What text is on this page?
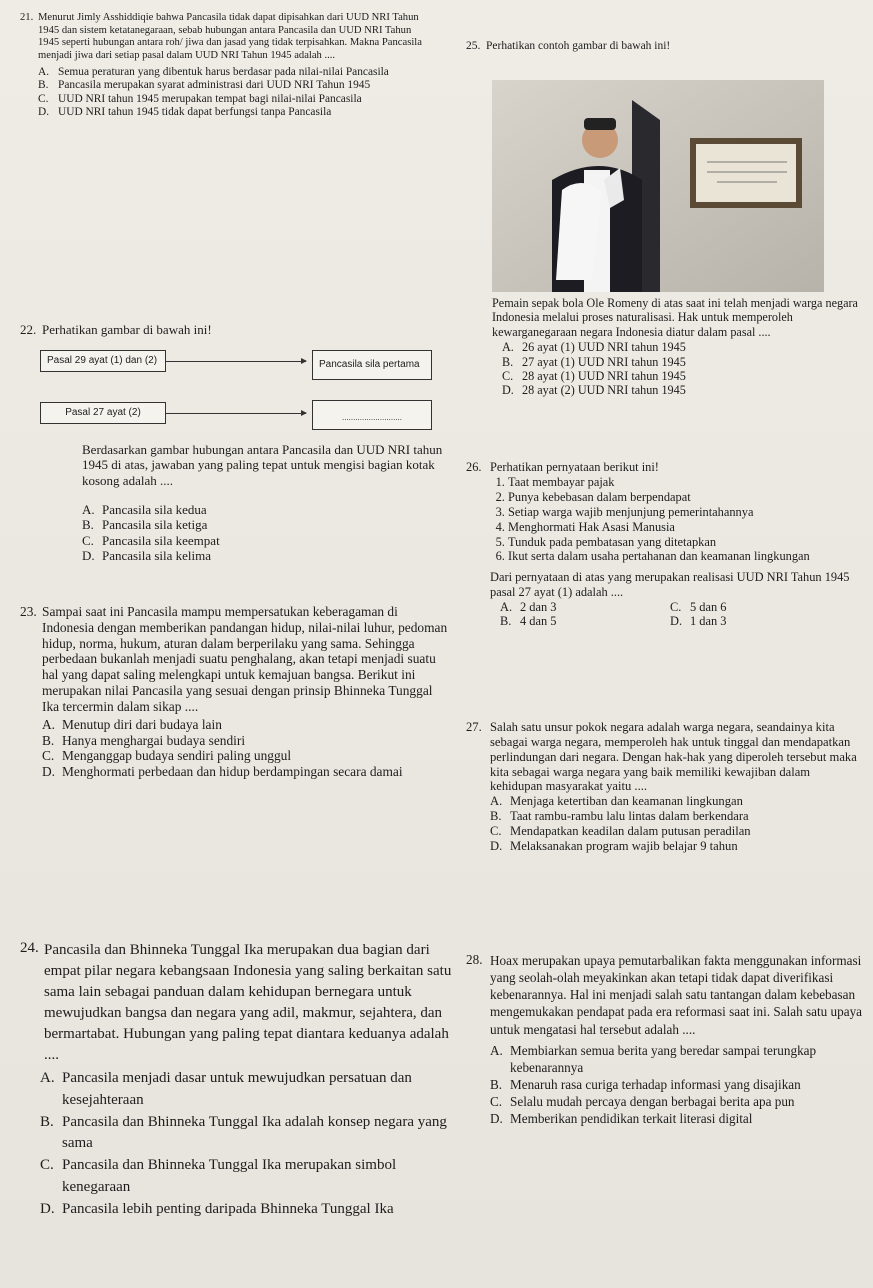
21. Menurut Jimly Asshiddiqie bahwa Pancasila tidak dapat dipisahkan dari UUD NRI Tahun 1945 dan sistem ketatanegaraan, sebab hubungan antara Pancasila dan UUD NRI Tahun 1945 seperti hubungan antara roh/ jiwa dan jasad yang tidak terpisahkan. Makna Pancasila menjadi jiwa dari setiap pasal dalam UUD NRI Tahun 1945 adalah ....
A. Semua peraturan yang dibentuk harus berdasar pada nilai-nilai Pancasila
B. Pancasila merupakan syarat administrasi dari UUD NRI Tahun 1945
C. UUD NRI tahun 1945 merupakan tempat bagi nilai-nilai Pancasila
D. UUD NRI tahun 1945 tidak dapat berfungsi tanpa Pancasila
22. Perhatikan gambar di bawah ini!
Pasal 29 ayat (1) dan (2)	Pancasila sila pertama
Pasal 27 ayat (2)	...........................
Berdasarkan gambar hubungan antara Pancasila dan UUD NRI tahun 1945 di atas, jawaban yang paling tepat untuk mengisi bagian kotak kosong adalah ....
A. Pancasila sila kedua
B. Pancasila sila ketiga
C. Pancasila sila keempat
D. Pancasila sila kelima
23. Sampai saat ini Pancasila mampu mempersatukan keberagaman di Indonesia dengan memberikan pandangan hidup, nilai-nilai luhur, pedoman hidup, norma, hukum, aturan dalam berperilaku yang sama. Sehingga perbedaan bukanlah menjadi suatu penghalang, akan tetapi menjadi suatu hal yang dapat saling melengkapi untuk kemajuan bangsa. Berikut ini merupakan nilai Pancasila yang sesuai dengan prinsip Bhinneka Tunggal Ika tercermin dalam sikap ....
A. Menutup diri dari budaya lain
B. Hanya menghargai budaya sendiri
C. Menganggap budaya sendiri paling unggul
D. Menghormati perbedaan dan hidup berdampingan secara damai
24. Pancasila dan Bhinneka Tunggal Ika merupakan dua bagian dari empat pilar negara kebangsaan Indonesia yang saling berkaitan satu sama lain sebagai panduan dalam kehidupan bernegara untuk mewujudkan bangsa dan negara yang adil, makmur, sejahtera, dan bermartabat. Hubungan yang paling tepat diantara keduanya adalah ....
A. Pancasila menjadi dasar untuk mewujudkan persatuan dan kesejahteraan
B. Pancasila dan Bhinneka Tunggal Ika adalah konsep negara yang sama
C. Pancasila dan Bhinneka Tunggal Ika merupakan simbol kenegaraan
D. Pancasila lebih penting daripada Bhinneka Tunggal Ika
25. Perhatikan contoh gambar di bawah ini!
Pemain sepak bola Ole Romeny di atas saat ini telah menjadi warga negara Indonesia melalui proses naturalisasi. Hak untuk memperoleh kewarganegaraan negara Indonesia diatur dalam pasal ....
A. 26 ayat (1) UUD NRI tahun 1945
B. 27 ayat (1) UUD NRI tahun 1945
C. 28 ayat (1) UUD NRI tahun 1945
D. 28 ayat (2) UUD NRI tahun 1945
26. Perhatikan pernyataan berikut ini!
1. Taat membayar pajak
2. Punya kebebasan dalam berpendapat
3. Setiap warga wajib menjunjung pemerintahannya
4. Menghormati Hak Asasi Manusia
5. Tunduk pada pembatasan yang ditetapkan
6. Ikut serta dalam usaha pertahanan dan keamanan lingkungan
Dari pernyataan di atas yang merupakan realisasi UUD NRI Tahun 1945 pasal 27 ayat (1) adalah ....
A. 2 dan 3	C. 5 dan 6
B. 4 dan 5	D. 1 dan 3
27. Salah satu unsur pokok negara adalah warga negara, seandainya kita sebagai warga negara, memperoleh hak untuk tinggal dan mendapatkan perlindungan dari negara. Dengan hak-hak yang diperoleh tersebut maka kita sebagai warga negara yang baik memiliki kewajiban dalam kehidupan masyarakat yaitu ....
A. Menjaga ketertiban dan keamanan lingkungan
B. Taat rambu-rambu lalu lintas dalam berkendara
C. Mendapatkan keadilan dalam putusan peradilan
D. Melaksanakan program wajib belajar 9 tahun
28. Hoax merupakan upaya pemutarbalikan fakta menggunakan informasi yang seolah-olah meyakinkan akan tetapi tidak dapat diverifikasi kebenarannya. Hal ini menjadi salah satu tantangan dalam kebebasan mengemukakan pendapat pada era reformasi saat ini. Salah satu upaya untuk mengatasi hal tersebut adalah ....
A. Membiarkan semua berita yang beredar sampai terungkap kebenarannya
B. Menaruh rasa curiga terhadap informasi yang disajikan
C. Selalu mudah percaya dengan berbagai berita apa pun
D. Memberikan pendidikan terkait literasi digital
